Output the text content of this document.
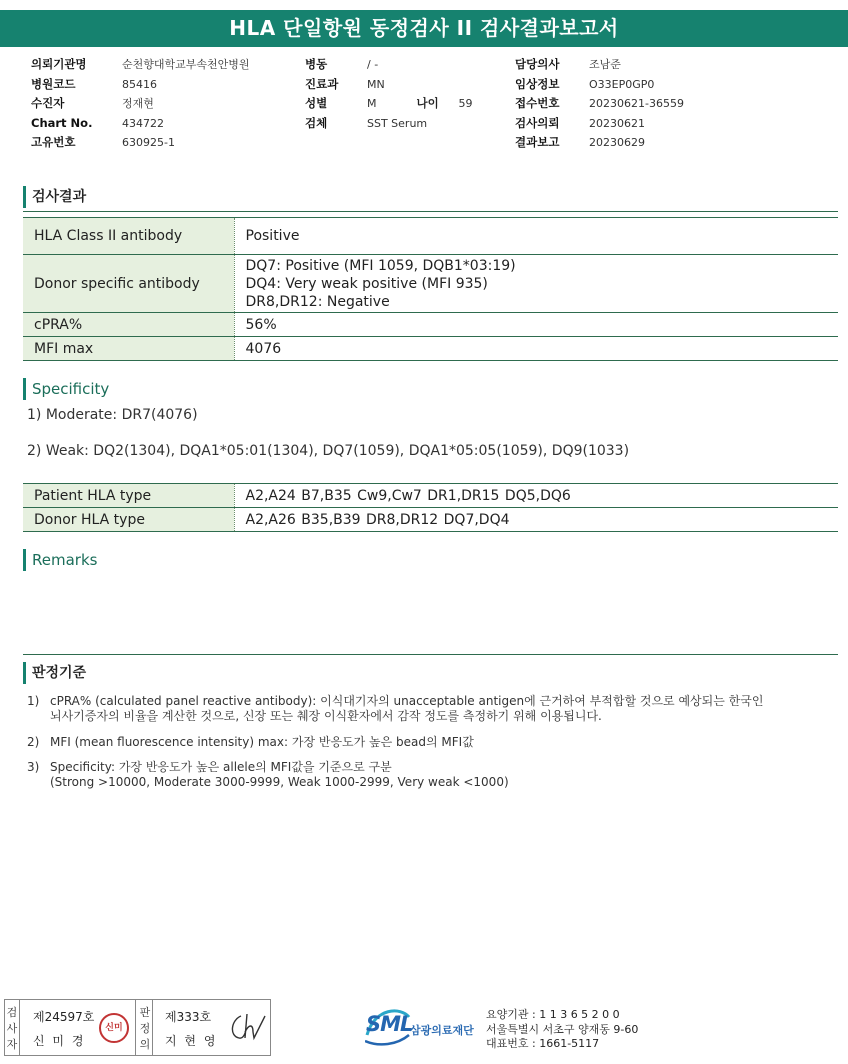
HLA 단일항원 동정검사 II 검사결과보고서
의뢰기관명	순천향대학교부속천안병원
병원코드	85416
수진자	정재현
Chart No.	434722
고유번호	630925-1
병동	/ -
진료과	MN
성별	M	나이 59
검체	SST Serum
담당의사	조남준
임상정보	O33EP0GP0
접수번호	20230621-36559
검사의뢰	20230621
결과보고	20230629
검사결과
HLA Class II antibody	Positive
Donor specific antibody	DQ7: Positive (MFI 1059, DQB1*03:19)
DQ4: Very weak positive (MFI 935)
DR8,DR12: Negative

cPRA%	56%
MFI max	4076
Specificity
1) Moderate: DR7(4076)
2) Weak: DQ2(1304), DQA1*05:01(1304), DQ7(1059), DQA1*05:05(1059), DQ9(1033)
Patient HLA type	A2,A24 B7,B35 Cw9,Cw7 DR1,DR15 DQ5,DQ6
Donor HLA type	A2,A26 B35,B39 DR8,DR12 DQ7,DQ4
Remarks
판정기준
1) cPRA% (calculated panel reactive antibody): 이식대기자의 unacceptable antigen에 근거하여 부적합할 것으로 예상되는 한국인
뇌사기증자의 비율을 계산한 것으로, 신장 또는 췌장 이식환자에서 감작 정도를 측정하기 위해 이용됩니다.
2) MFI (mean fluorescence intensity) max: 가장 반응도가 높은 bead의 MFI값
3) Specificity: 가장 반응도가 높은 allele의 MFI값을 기준으로 구분
(Strong >10000, Moderate 3000-9999, Weak 1000-2999, Very weak <1000)
검
사
자
제24597호
신 미 경
신미
판
정
의
제333호
지 현 영
SML
삼광의료재단
요양기관 : 1 1 3 6 5 2 0 0
서울특별시 서초구 양재동 9-60
대표번호 : 1661-5117
